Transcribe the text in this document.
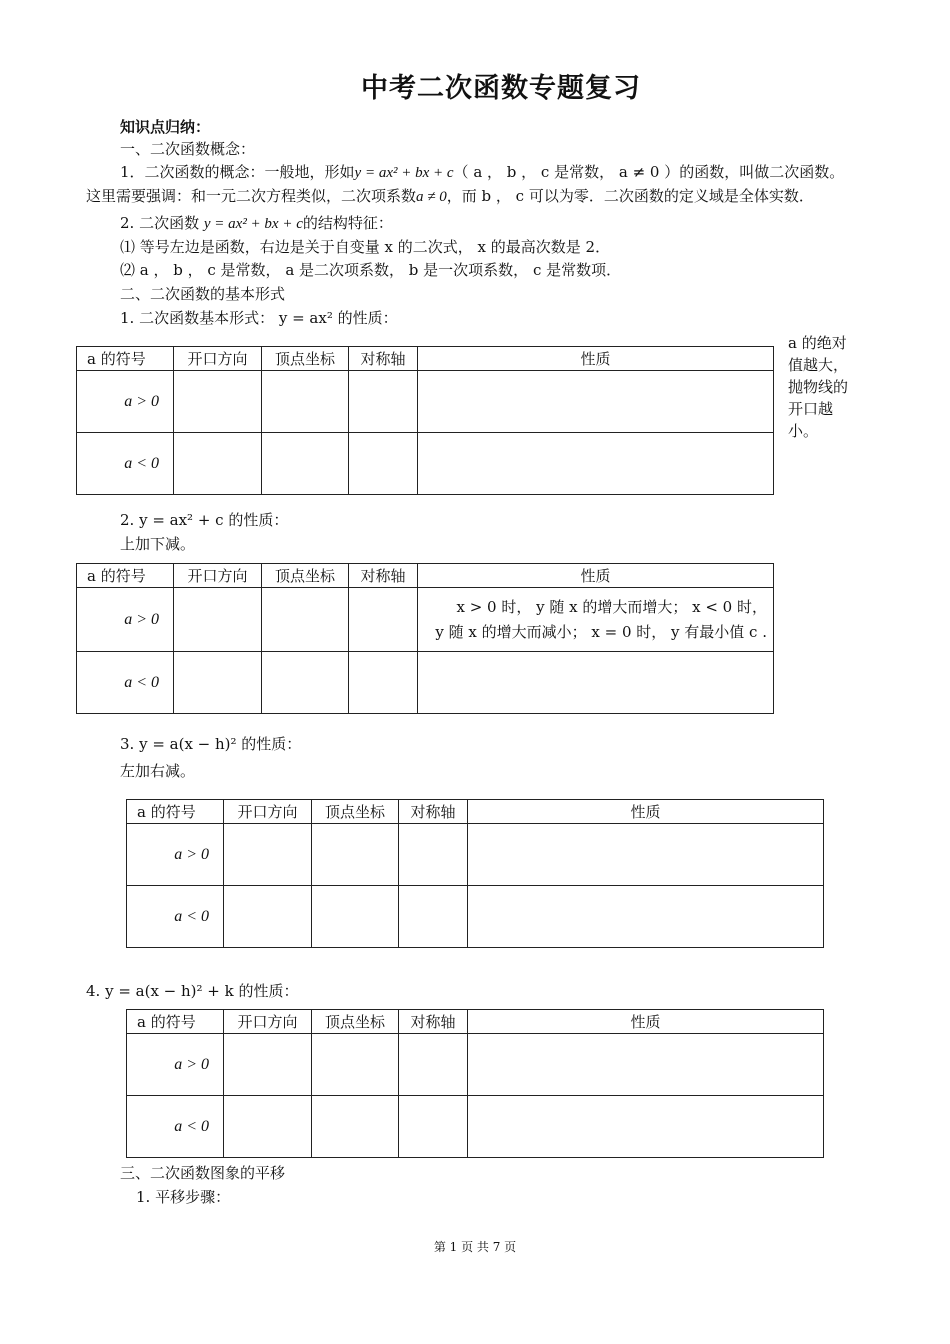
中考二次函数专题复习
知识点归纳：
一、二次函数概念：
1．二次函数的概念：一般地，形如y = ax² + bx + c（ a ， b ， c 是常数， a ≠ 0 ）的函数，叫做二次函数。
这里需要强调：和一元二次方程类似，二次项系数a ≠ 0，而 b ， c 可以为零．二次函数的定义域是全体实数．
2. 二次函数 y = ax² + bx + c的结构特征：
⑴ 等号左边是函数，右边是关于自变量 x 的二次式， x 的最高次数是 2．
⑵ a ， b ， c 是常数， a 是二次项系数， b 是一次项系数， c 是常数项．
二、二次函数的基本形式
1. 二次函数基本形式： y = ax² 的性质：
a 的绝对值越大，抛物线的开口越小。
a 的符号	开口方向	顶点坐标	对称轴	性质
a > 0				
a < 0				
2. y = ax² + c 的性质：
上加下减。
a 的符号	开口方向	顶点坐标	对称轴	性质
a > 0				x > 0 时， y 随 x 的增大而增大； x < 0 时，
y 随 x 的增大而减小； x = 0 时， y 有最小值 c .

a < 0				
3. y = a(x − h)² 的性质：
左加右减。
a 的符号	开口方向	顶点坐标	对称轴	性质
a > 0				
a < 0				
4. y = a(x − h)² + k 的性质：
a 的符号	开口方向	顶点坐标	对称轴	性质
a > 0				
a < 0				
三、二次函数图象的平移
1. 平移步骤：
第 1 页 共 7 页
